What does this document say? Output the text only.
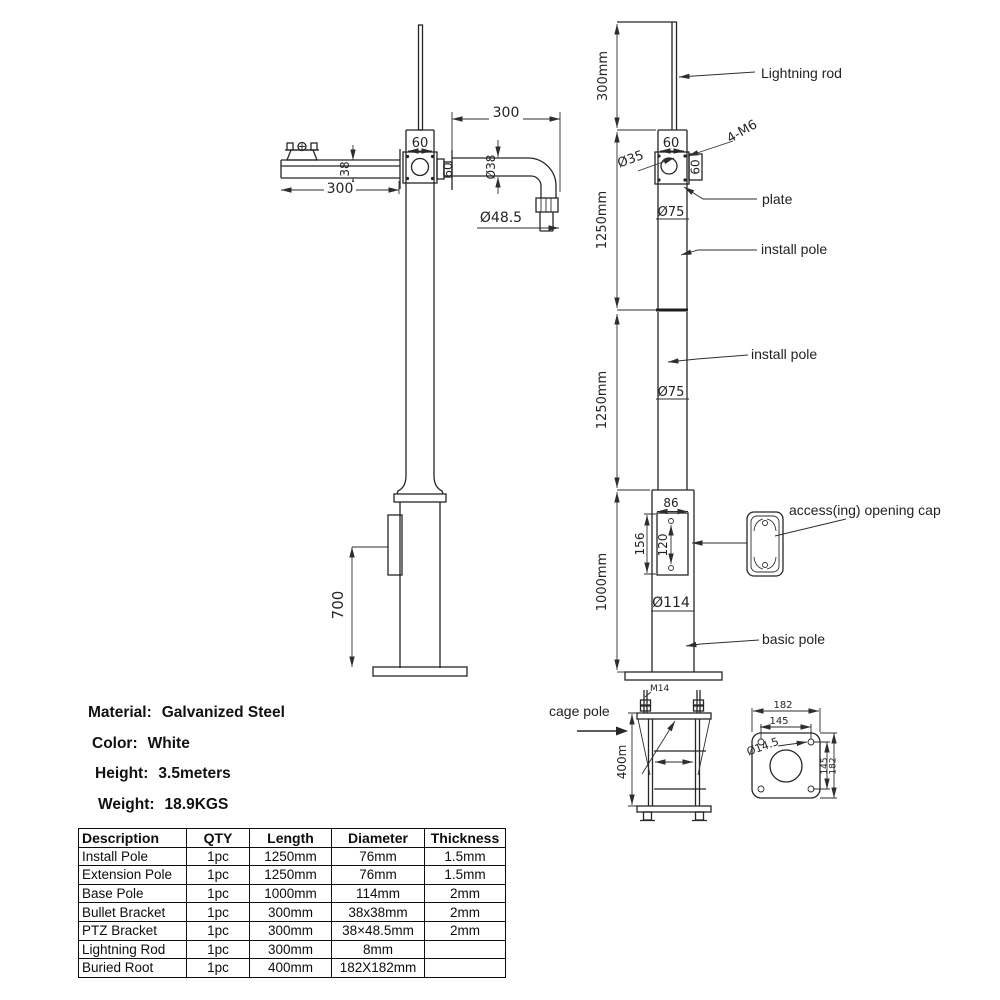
60
60
38
300
300
Ø38
Ø48.5
700
300mm	Lightning rod
60
60
Ø35
4-M6
plate
Ø75
1250mm	install pole
1250mm
install pole
Ø75
1000mm
86
156 120
access(ing) opening cap
Ø114
basic pole
M14
400m
cage pole	182
145
Ø14.5
145
182
Material: Galvanized Steel
Color: White
Height: 3.5meters
Weight: 18.9KGS
Description	QTY	Length	Diameter	Thickness
Install Pole	1pc	1250mm	76mm	1.5mm
Extension Pole	1pc	1250mm	76mm	1.5mm
Base Pole	1pc	1000mm	114mm	2mm
Bullet Bracket	1pc	300mm	38x38mm	2mm
PTZ Bracket	1pc	300mm	38×48.5mm	2mm
Lightning Rod	1pc	300mm	8mm	
Buried Root	1pc	400mm	182X182mm	
